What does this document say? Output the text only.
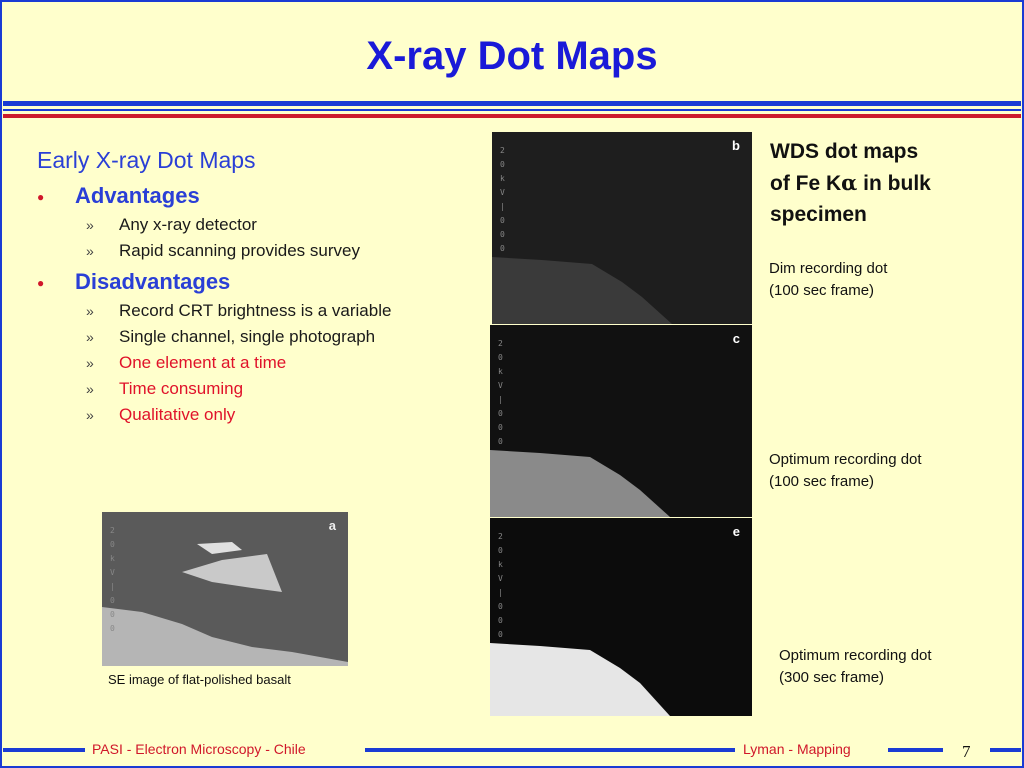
X-ray Dot Maps
Early X-ray Dot Maps
● Advantages
» Any x-ray detector
» Rapid scanning provides survey
● Disadvantages
» Record CRT brightness is a variable
» Single channel, single photograph
» One element at a time
» Time consuming
» Qualitative only
2
0
k
V
|
0
0
0
a
SE image of flat-polished basalt
2
0
k
V
|
0
0
0
b
2
0
k
V
|
0
0
0
c
2
0
k
V
|
0
0
0
e
WDS dot maps
of Fe Kα in bulk
specimen
Dim recording dot
(100 sec frame)
Optimum recording dot
(100 sec frame)
Optimum recording dot
(300 sec frame)
PASI - Electron Microscopy - Chile	Lyman - Mapping	7
